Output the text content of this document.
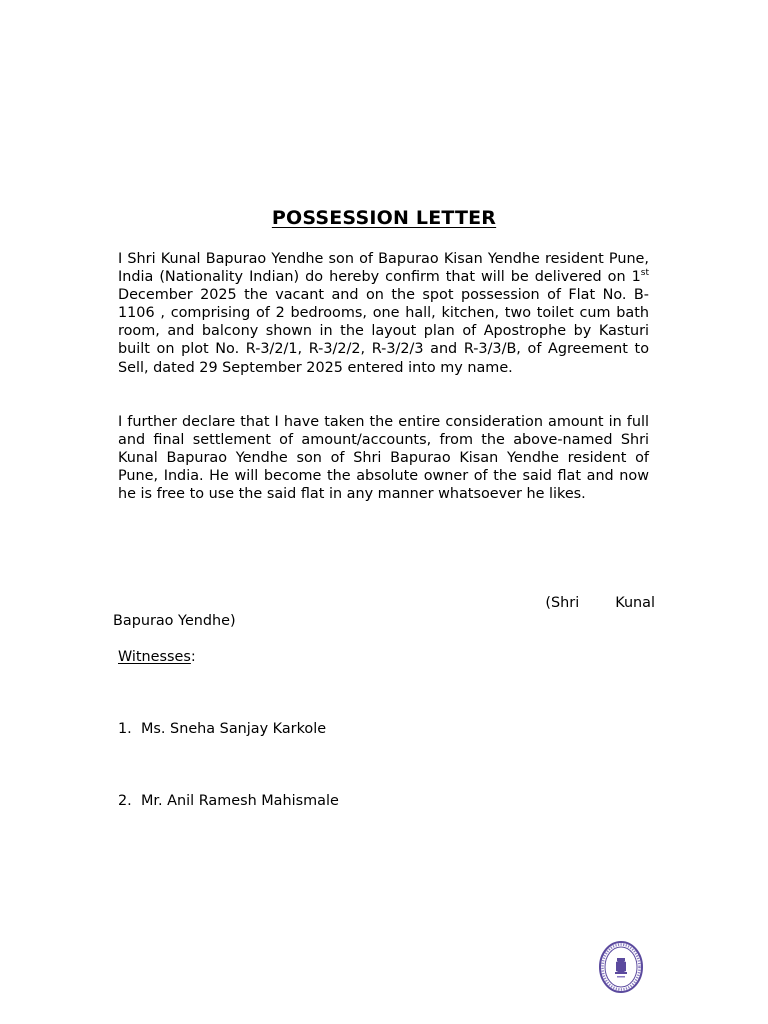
POSSESSION LETTER

I Shri Kunal Bapurao Yendhe son of Bapurao Kisan Yendhe resident Pune, India (Nationality Indian) do hereby confirm that will be delivered on 1st December 2025 the vacant and on the spot possession of Flat No. B-1106 , comprising of 2 bedrooms, one hall, kitchen, two toilet cum bath room, and balcony shown in the layout plan of Apostrophe by Kasturi built on plot No. R-3/2/1, R-3/2/2, R-3/2/3 and R-3/3/B, of Agreement to Sell, dated 29 September 2025 entered into my name.

I further declare that I have taken the entire consideration amount in full and final settlement of amount/accounts, from the above-named Shri Kunal Bapurao Yendhe son of Shri Bapurao Kisan Yendhe resident of Pune, India. He will become the absolute owner of the said flat and now he is free to use the said flat in any manner whatsoever he likes.

(Shri	Kunal
Bapurao Yendhe)
Witnesses:
1. Ms. Sneha Sanjay Karkole
2. Mr. Anil Ramesh Mahismale
